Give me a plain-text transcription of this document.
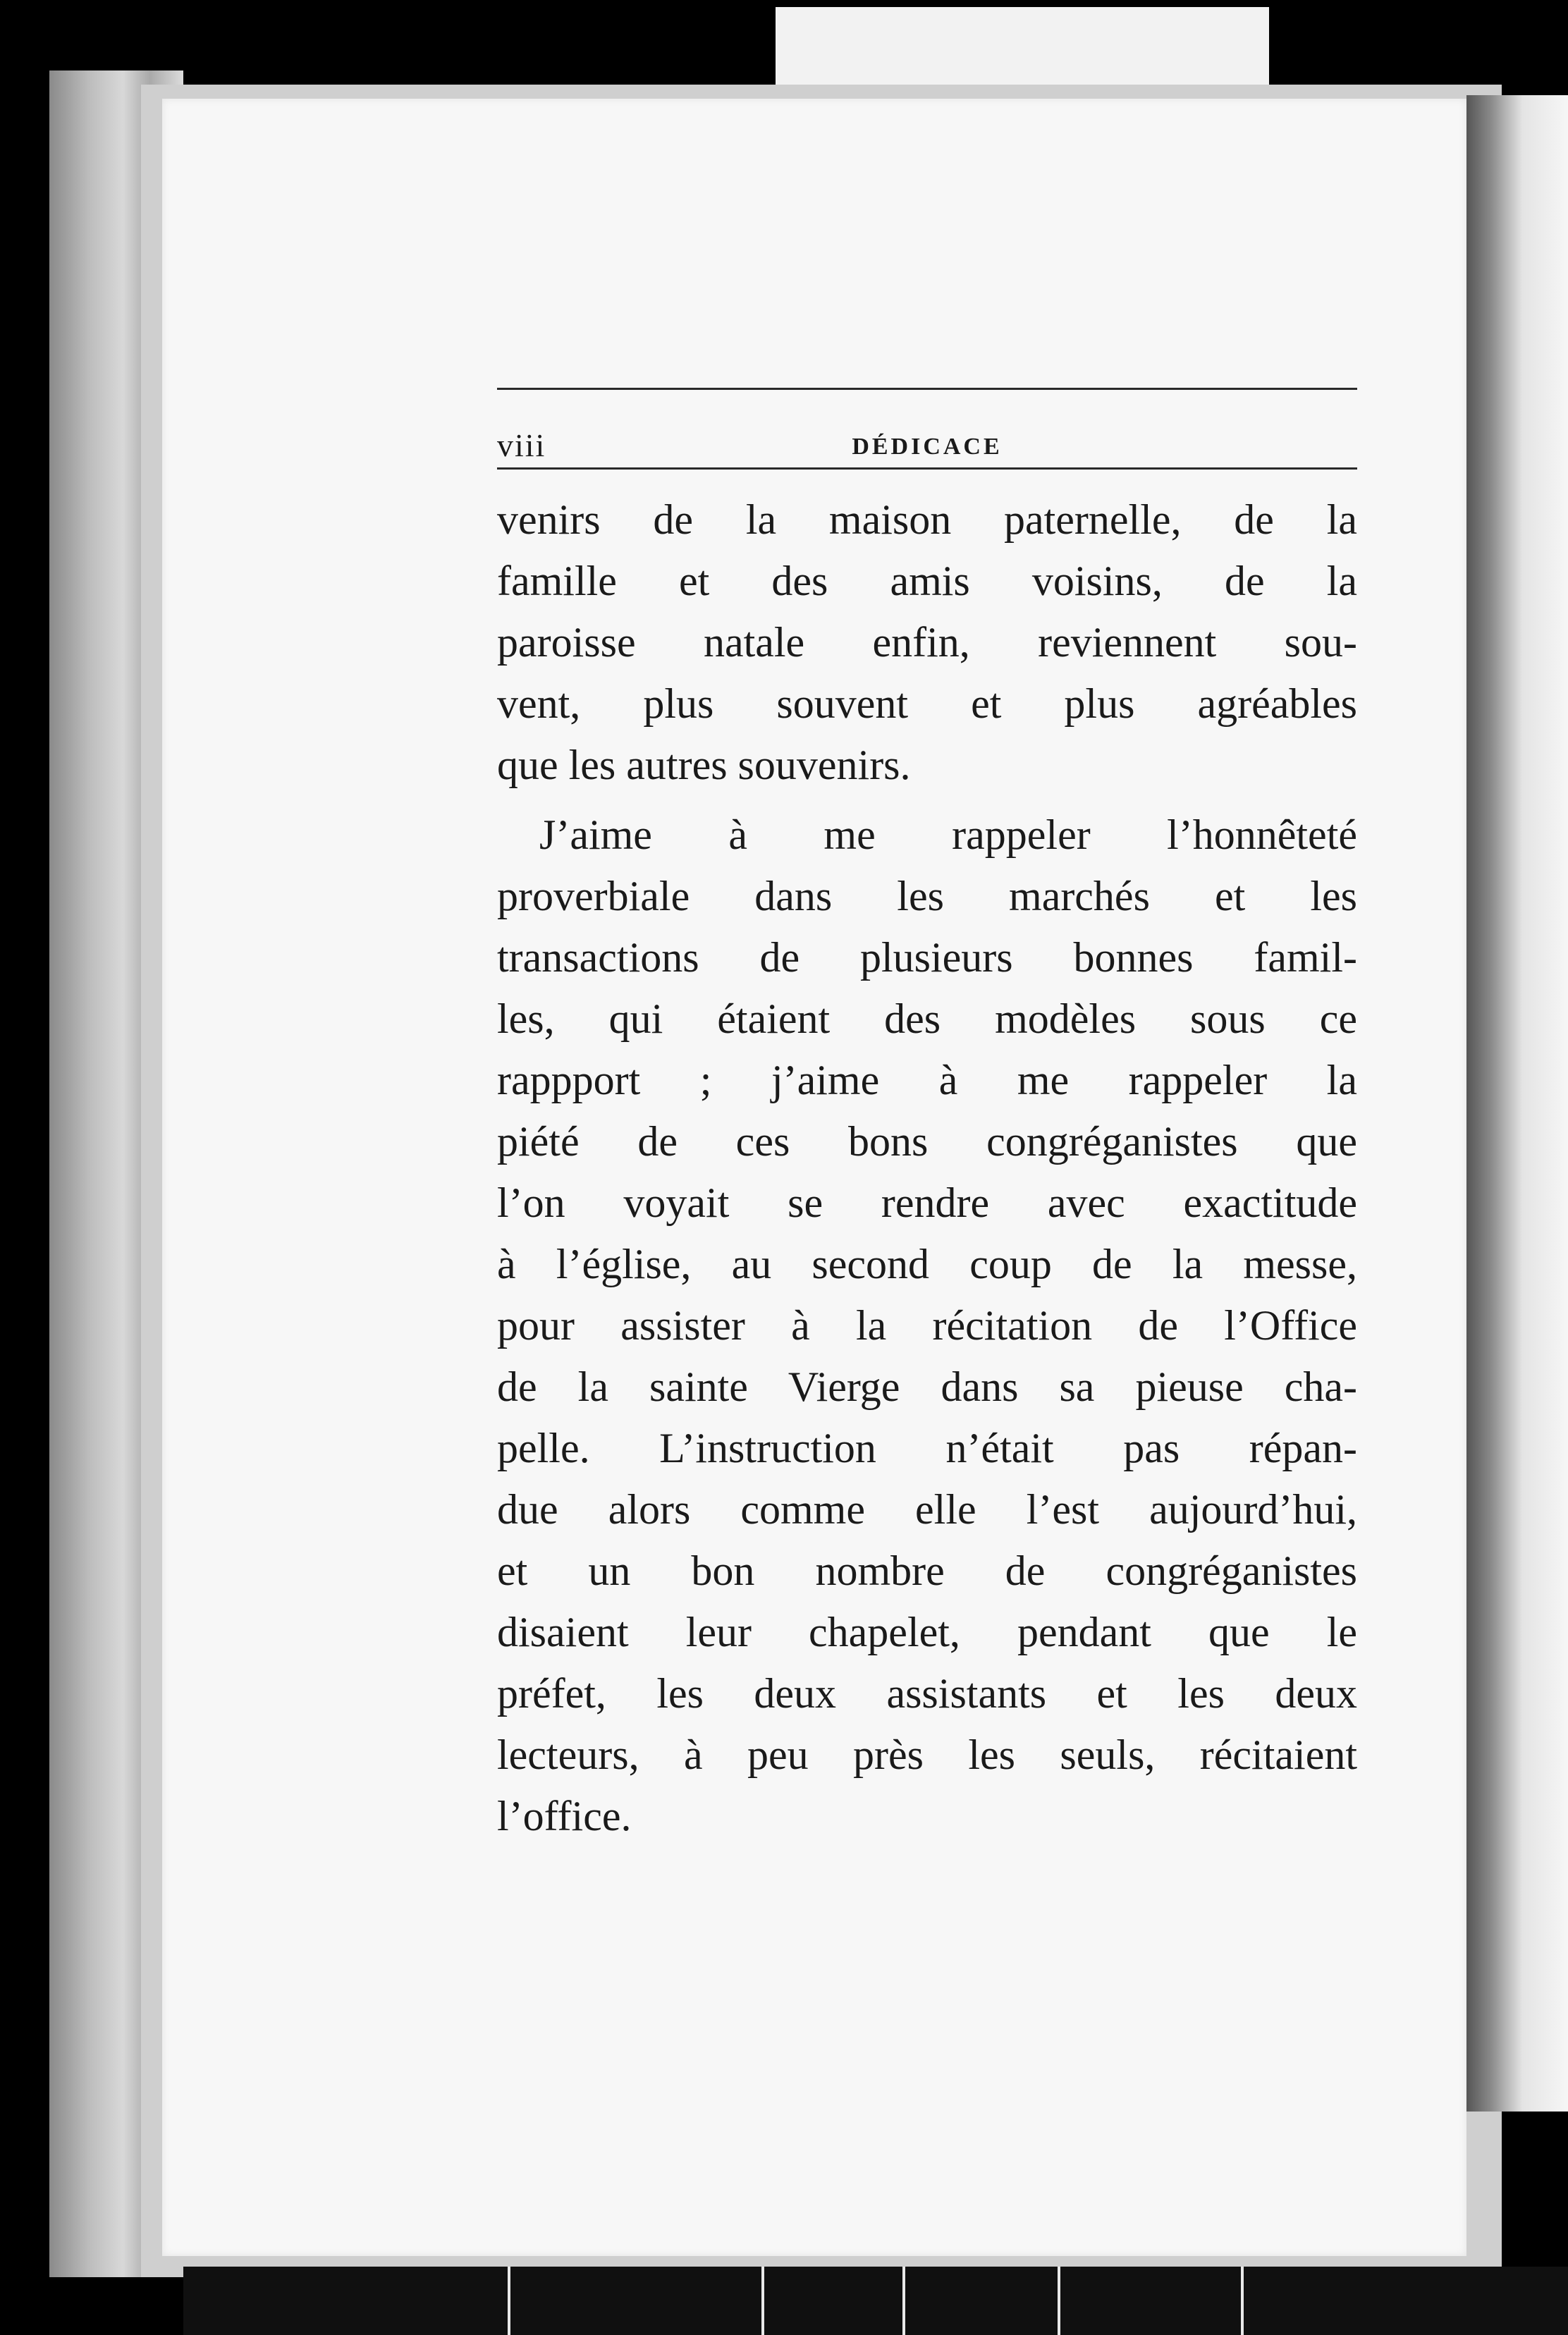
viii	DÉDICACE
venirs de la maison paternelle, de la
famille et des amis voisins, de la
paroisse natale enfin, reviennent sou-
vent, plus souvent et plus agréables
que les autres souvenirs.
J’aime à me rappeler l’honnêteté
proverbiale dans les marchés et les
transactions de plusieurs bonnes famil-
les, qui étaient des modèles sous ce
rappport ; j’aime à me rappeler la
piété de ces bons congréganistes que
l’on voyait se rendre avec exactitude
à l’église, au second coup de la messe,
pour assister à la récitation de l’Office
de la sainte Vierge dans sa pieuse cha-
pelle. L’instruction n’était pas répan-
due alors comme elle l’est aujourd’hui,
et un bon nombre de congréganistes
disaient leur chapelet, pendant que le
préfet, les deux assistants et les deux
lecteurs, à peu près les seuls, récitaient
l’office.
